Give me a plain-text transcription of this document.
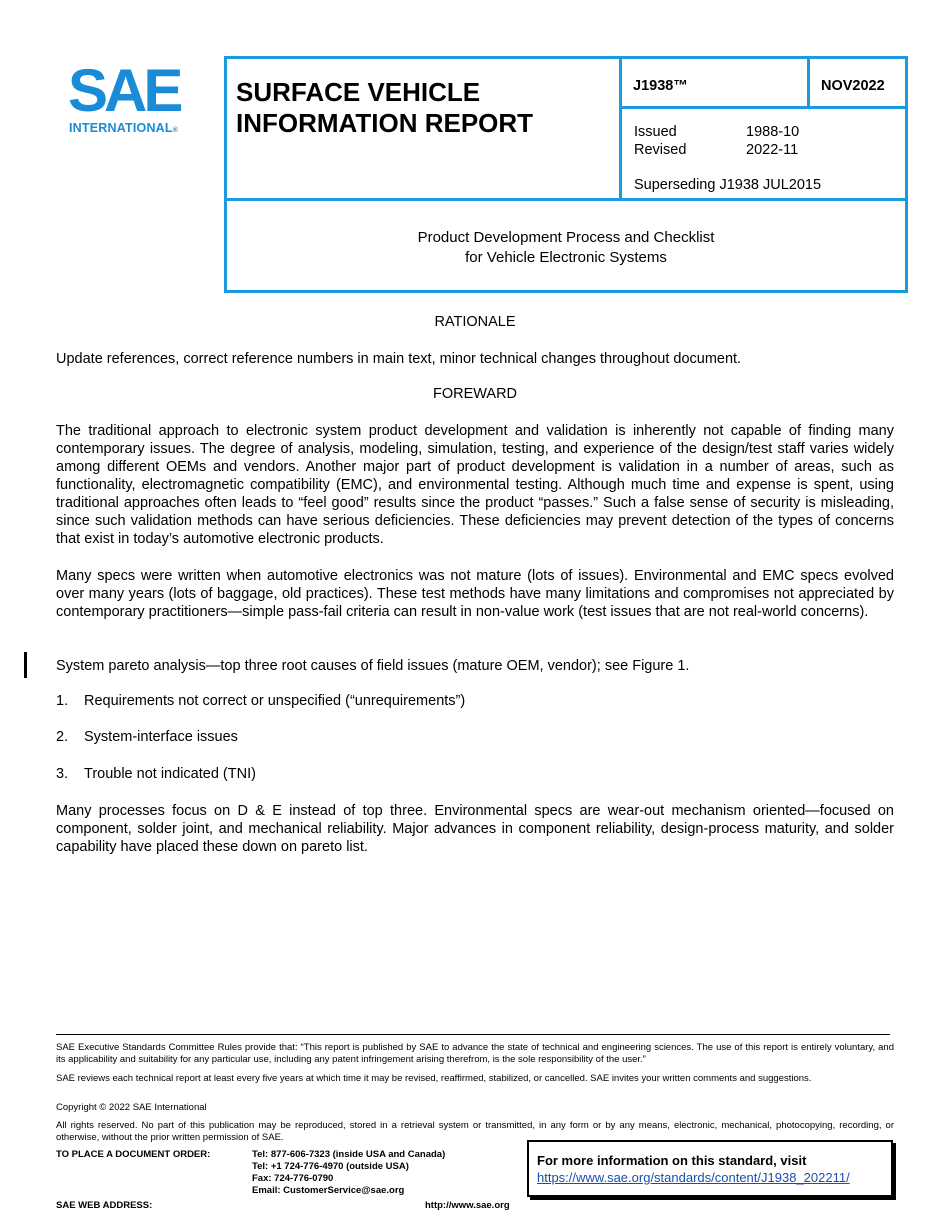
SAE
INTERNATIONAL®
SURFACE VEHICLE
INFORMATION REPORT
J1938™	NOV2022
Issued	1988-10
Revised	2022-11
Superseding J1938 JUL2015
Product Development Process and Checklist
for Vehicle Electronic Systems
RATIONALE
Update references, correct reference numbers in main text, minor technical changes throughout document.
FOREWARD
The traditional approach to electronic system product development and validation is inherently not capable of finding many contemporary issues. The degree of analysis, modeling, simulation, testing, and experience of the design/test staff varies widely among different OEMs and vendors. Another major part of product development is validation in a number of areas, such as functionality, electromagnetic compatibility (EMC), and environmental testing. Although much time and expense is spent, using traditional approaches often leads to “feel good” results since the product “passes.” Such a false sense of security is misleading, since such validation methods can have serious deficiencies. These deficiencies may prevent detection of the types of concerns that exist in today’s automotive electronic products.
Many specs were written when automotive electronics was not mature (lots of issues). Environmental and EMC specs evolved over many years (lots of baggage, old practices). These test methods have many limitations and compromises not appreciated by contemporary practitioners—simple pass-fail criteria can result in non-value work (test issues that are not real-world concerns).
System pareto analysis—top three root causes of field issues (mature OEM, vendor); see Figure 1.
1.	Requirements not correct or unspecified (“unrequirements”)
2.	System-interface issues
3.	Trouble not indicated (TNI)
Many processes focus on D & E instead of top three. Environmental specs are wear-out mechanism oriented—focused on component, solder joint, and mechanical reliability. Major advances in component reliability, design-process maturity, and solder capability have placed these down on pareto list.
SAE Executive Standards Committee Rules provide that: “This report is published by SAE to advance the state of technical and engineering sciences. The use of this report is entirely voluntary, and its applicability and suitability for any particular use, including any patent infringement arising therefrom, is the sole responsibility of the user.”
SAE reviews each technical report at least every five years at which time it may be revised, reaffirmed, stabilized, or cancelled. SAE invites your written comments and suggestions.
Copyright © 2022 SAE International
All rights reserved. No part of this publication may be reproduced, stored in a retrieval system or transmitted, in any form or by any means, electronic, mechanical, photocopying, recording, or otherwise, without the prior written permission of SAE.
TO PLACE A DOCUMENT ORDER:	Tel: 877-606-7323 (inside USA and Canada)
Tel: +1 724-776-4970 (outside USA)
Fax: 724-776-0790
Email: CustomerService@sae.org
SAE WEB ADDRESS:	http://www.sae.org
For more information on this standard, visit
https://www.sae.org/standards/content/J1938_202211/
